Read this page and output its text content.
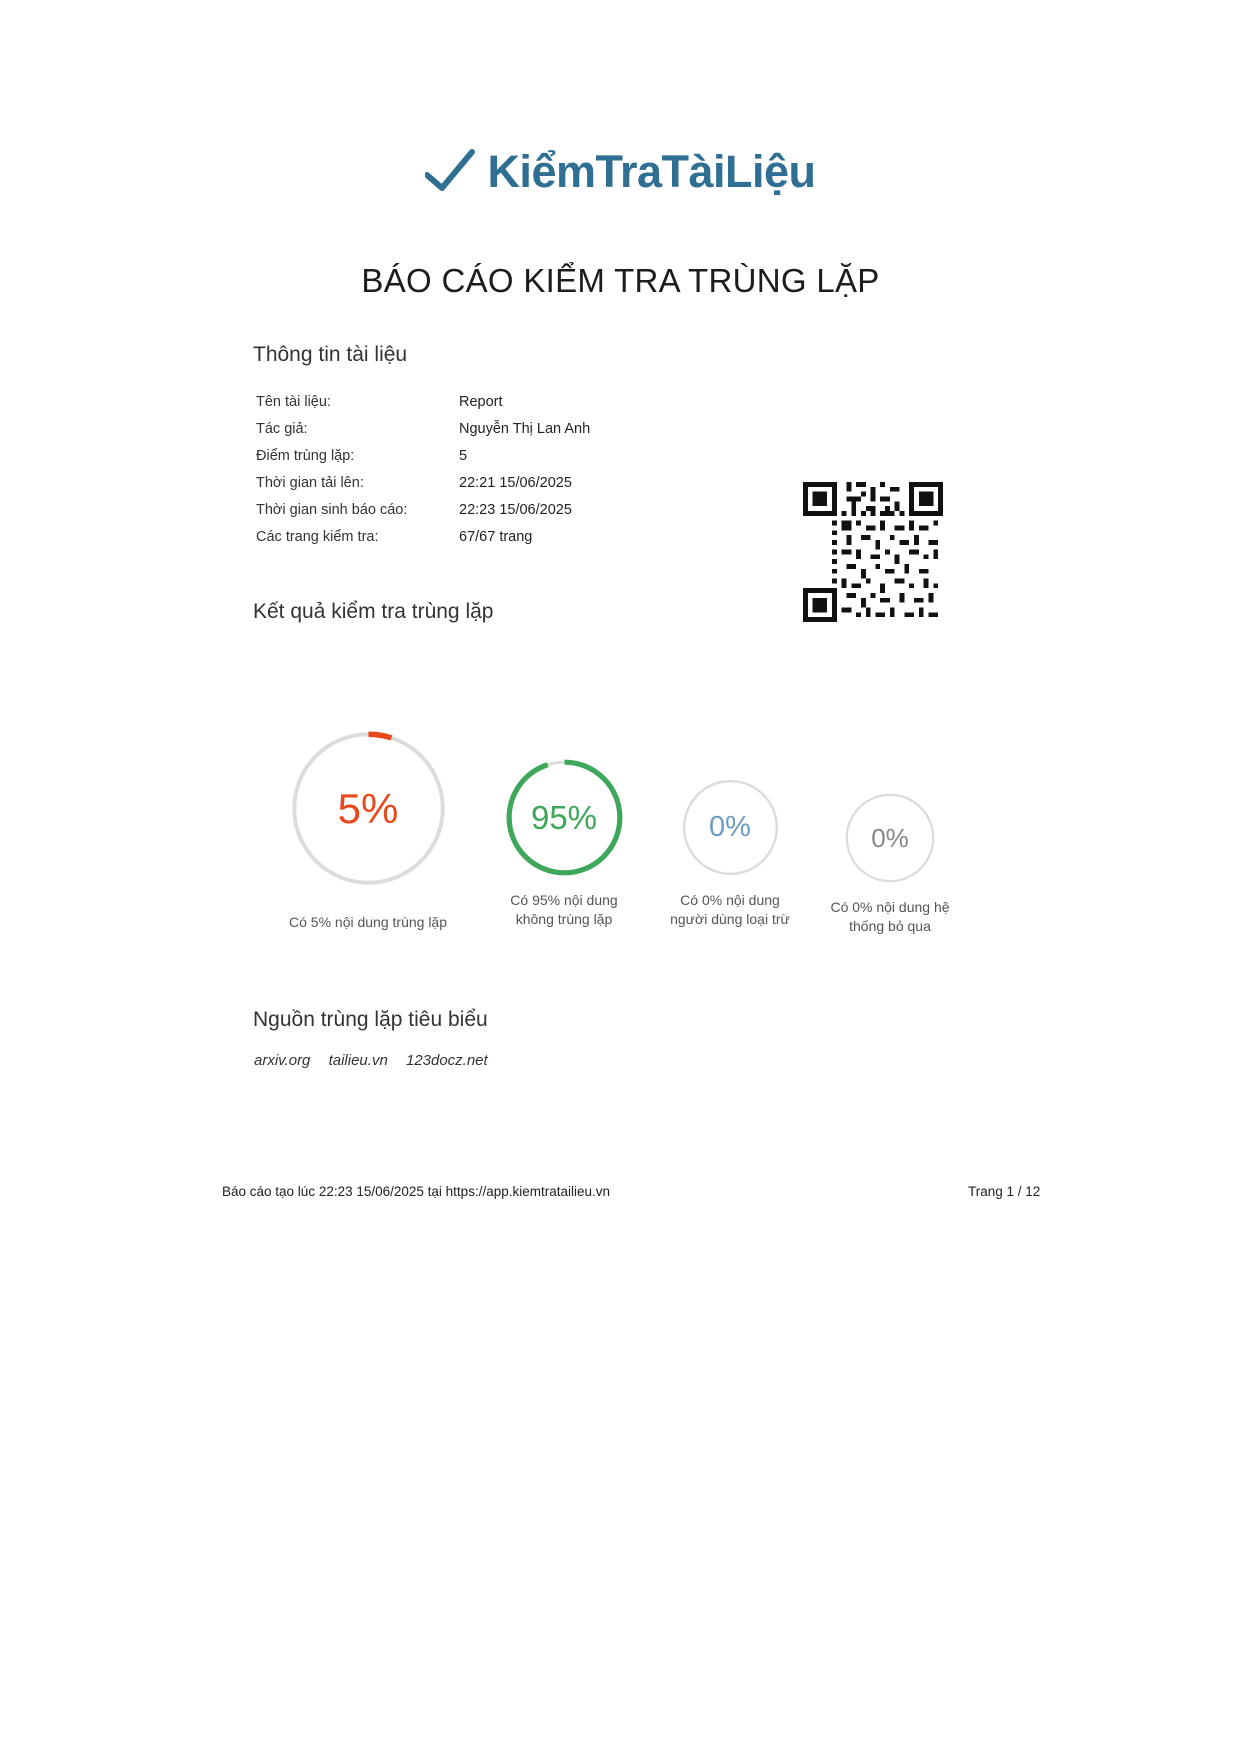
KiểmTraTàiLiệu
BÁO CÁO KIỂM TRA TRÙNG LẶP
Thông tin tài liệu
Tên tài liệu:	Report
Tác giả:	Nguyễn Thị Lan Anh
Điểm trùng lặp:	5
Thời gian tải lên:	22:21 15/06/2025
Thời gian sinh báo cáo:	22:23 15/06/2025
Các trang kiểm tra:	67/67 trang
Kết quả kiểm tra trùng lặp
5%
Có 5% nội dung trùng lặp
95%
Có 95% nội dung không trùng lặp
0%
Có 0% nội dung người dùng loại trừ
0%
Có 0% nội dung hệ thống bỏ qua
Nguồn trùng lặp tiêu biểu
arxiv.org tailieu.vn 123docz.net
Báo cáo tạo lúc 22:23 15/06/2025 tại https://app.kiemtratailieu.vn	Trang 1 / 12
